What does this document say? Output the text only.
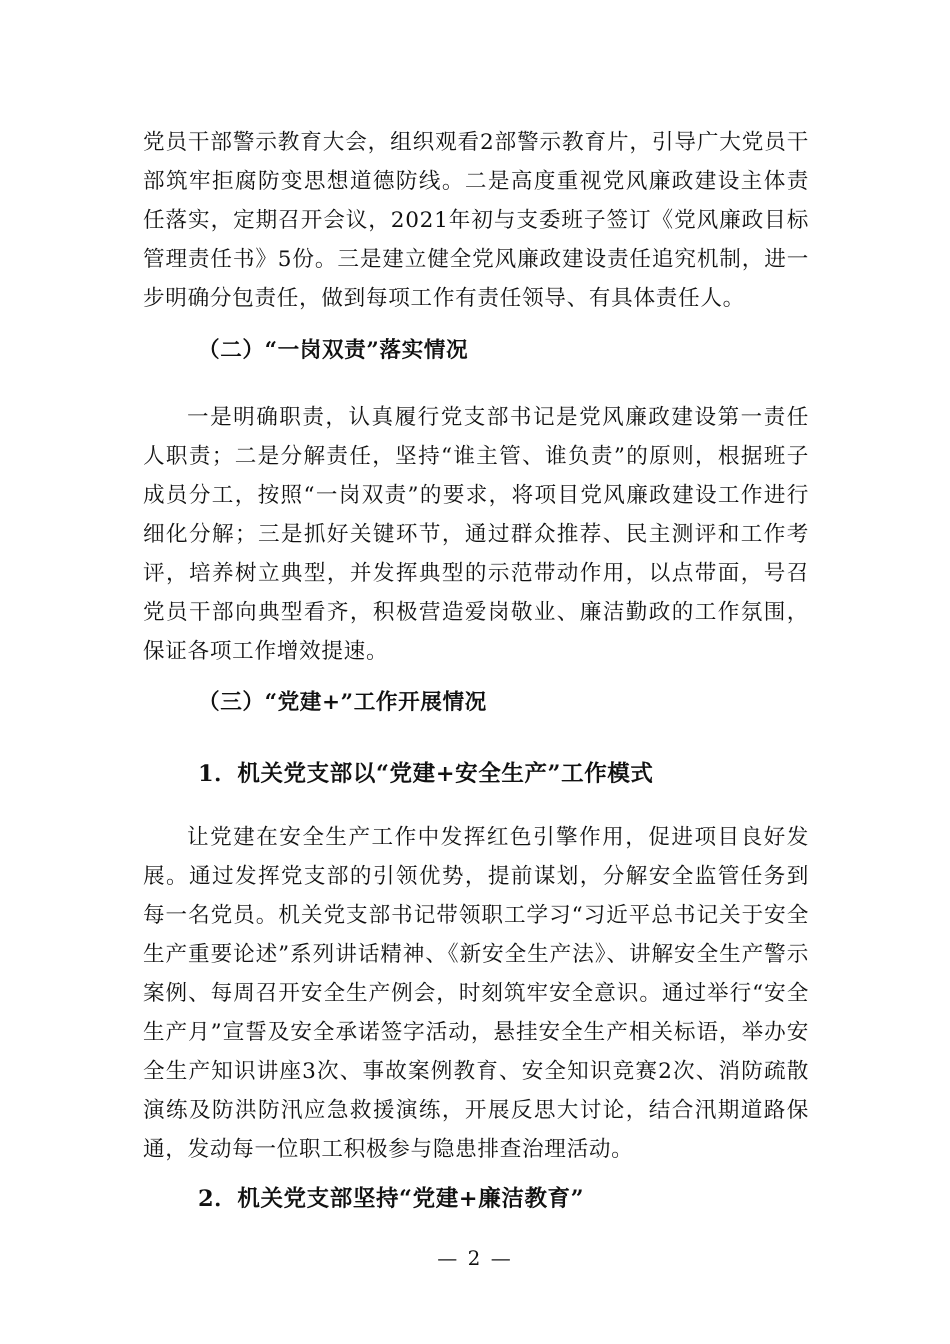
党员干部警示教育大会，组织观看2部警示教育片，引导广大党员干部筑牢拒腐防变思想道德防线。二是高度重视党风廉政建设主体责任落实，定期召开会议，2021年初与支委班子签订《党风廉政目标管理责任书》5份。三是建立健全党风廉政建设责任追究机制，进一步明确分包责任，做到每项工作有责任领导、有具体责任人。

（二）“一岗双责”落实情况

一是明确职责，认真履行党支部书记是党风廉政建设第一责任人职责；二是分解责任，坚持“谁主管、谁负责”的原则，根据班子成员分工，按照“一岗双责”的要求，将项目党风廉政建设工作进行细化分解；三是抓好关键环节，通过群众推荐、民主测评和工作考评，培养树立典型，并发挥典型的示范带动作用，以点带面，号召党员干部向典型看齐，积极营造爱岗敬业、廉洁勤政的工作氛围，保证各项工作增效提速。

（三）“党建+”工作开展情况
1．机关党支部以“党建+安全生产”工作模式

让党建在安全生产工作中发挥红色引擎作用，促进项目良好发展。通过发挥党支部的引领优势，提前谋划，分解安全监管任务到每一名党员。机关党支部书记带领职工学习“习近平总书记关于安全生产重要论述”系列讲话精神、《新安全生产法》、讲解安全生产警示案例、每周召开安全生产例会，时刻筑牢安全意识。通过举行“安全生产月”宣誓及安全承诺签字活动，悬挂安全生产相关标语，举办安全生产知识讲座3次、事故案例教育、安全知识竞赛2次、消防疏散演练及防洪防汛应急救援演练，开展反思大讨论，结合汛期道路保通，发动每一位职工积极参与隐患排查治理活动。

2．机关党支部坚持“党建+廉洁教育”
— 2 —
